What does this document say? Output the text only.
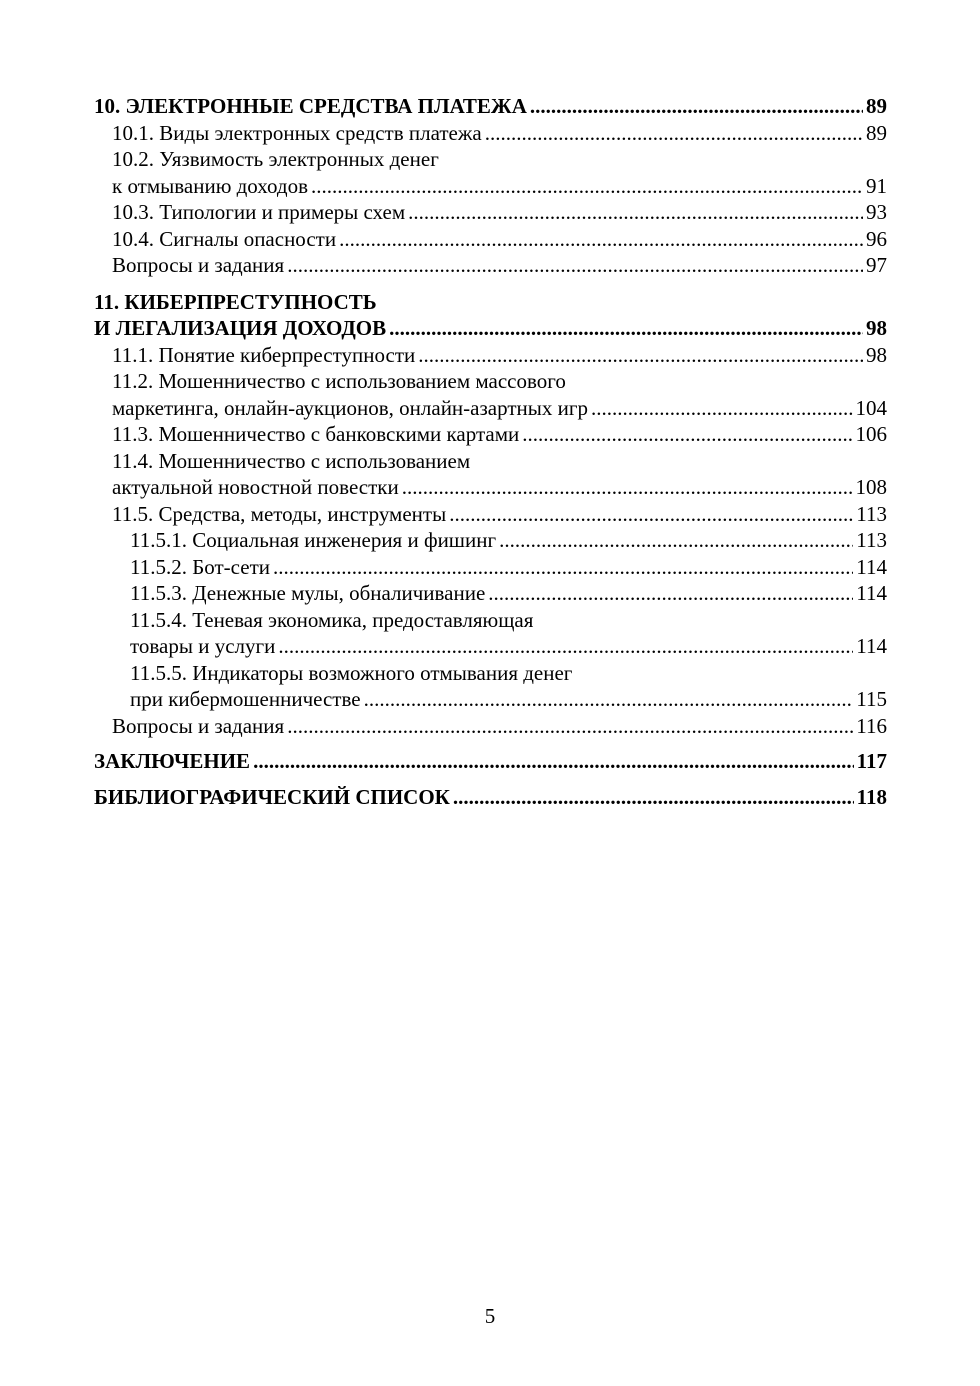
10. ЭЛЕКТРОННЫЕ СРЕДСТВА ПЛАТЕЖА .....	89
10.1. Виды электронных средств платежа .....	89
10.2. Уязвимость электронных денег
к отмыванию доходов .....	91
10.3. Типологии и примеры схем .....	93
10.4. Сигналы опасности .....	96
Вопросы и задания .....	97
11. КИБЕРПРЕСТУПНОСТЬ
И ЛЕГАЛИЗАЦИЯ ДОХОДОВ .....	98
11.1. Понятие киберпреступности .....	98
11.2. Мошенничество с использованием массового
маркетинга, онлайн-аукционов, онлайн-азартных игр .....	104
11.3. Мошенничество с банковскими картами .....	106
11.4. Мошенничество с использованием
актуальной новостной повестки .....	108
11.5. Средства, методы, инструменты .....	113
11.5.1. Социальная инженерия и фишинг .....	113
11.5.2. Бот-сети .....	114
11.5.3. Денежные мулы, обналичивание .....	114
11.5.4. Теневая экономика, предоставляющая
товары и услуги .....	114
11.5.5. Индикаторы возможного отмывания денег
при кибермошенничестве .....	115
Вопросы и задания .....	116
ЗАКЛЮЧЕНИЕ .....	117
БИБЛИОГРАФИЧЕСКИЙ СПИСОК .....	118
5
